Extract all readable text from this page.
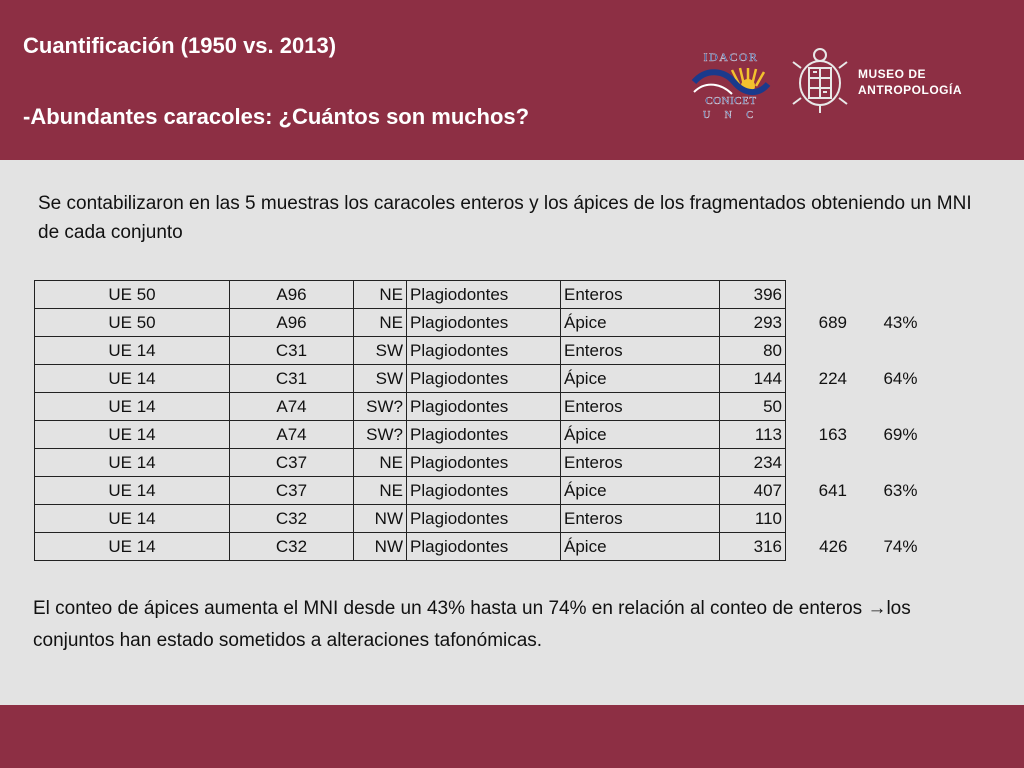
Cuantificación (1950 vs. 2013)
-Abundantes caracoles: ¿Cuántos son muchos?
IDACOR
CONICET
U N C
MUSEO DE
ANTROPOLOGÍA

Se contabilizaron en las 5 muestras los caracoles enteros y los ápices de los fragmentados obteniendo un MNI de cada conjunto

UE 50	A96	NE	Plagiodontes	Enteros	396		
UE 50	A96	NE	Plagiodontes	Ápice	293	689	43%
UE 14	C31	SW	Plagiodontes	Enteros	80		
UE 14	C31	SW	Plagiodontes	Ápice	144	224	64%
UE 14	A74	SW?	Plagiodontes	Enteros	50		
UE 14	A74	SW?	Plagiodontes	Ápice	113	163	69%
UE 14	C37	NE	Plagiodontes	Enteros	234		
UE 14	C37	NE	Plagiodontes	Ápice	407	641	63%
UE 14	C32	NW	Plagiodontes	Enteros	110		
UE 14	C32	NW	Plagiodontes	Ápice	316	426	74%

El conteo de ápices aumenta el MNI desde un 43% hasta un 74% en relación al conteo de enteros →los conjuntos han estado sometidos a alteraciones tafonómicas.
